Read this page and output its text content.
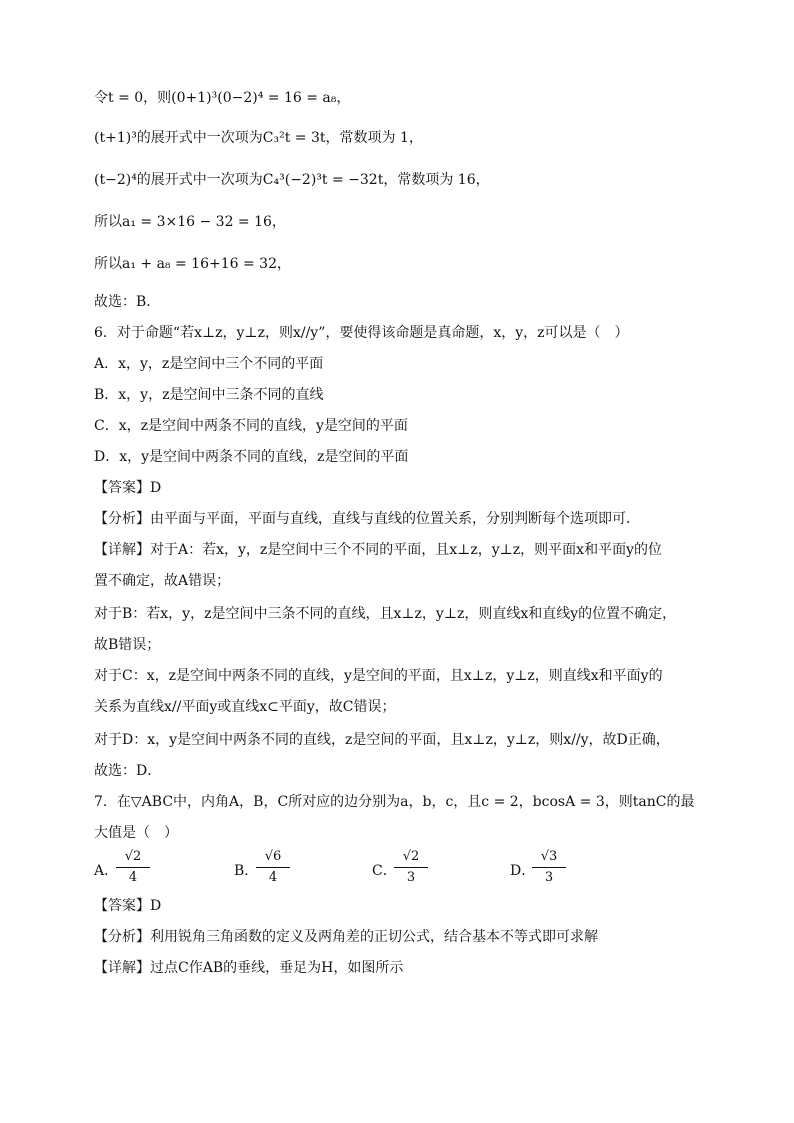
令t = 0，则(0+1)³(0−2)⁴ = 16 = a₈，
(t+1)³的展开式中一次项为C₃²t = 3t，常数项为 1，
(t−2)⁴的展开式中一次项为C₄³(−2)³t = −32t，常数项为 16，
所以a₁ = 3×16 − 32 = 16，
所以a₁ + a₈ = 16+16 = 32，
故选：B．
6．对于命题“若x⊥z，y⊥z，则x//y”，要使得该命题是真命题，x，y，z可以是（　）
A．x，y，z是空间中三个不同的平面
B．x，y，z是空间中三条不同的直线
C．x，z是空间中两条不同的直线，y是空间的平面
D．x，y是空间中两条不同的直线，z是空间的平面
【答案】D
【分析】由平面与平面，平面与直线，直线与直线的位置关系，分别判断每个选项即可．
【详解】对于A：若x，y，z是空间中三个不同的平面，且x⊥z，y⊥z，则平面x和平面y的位
置不确定，故A错误；
对于B：若x，y，z是空间中三条不同的直线，且x⊥z，y⊥z，则直线x和直线y的位置不确定，
故B错误；
对于C：x，z是空间中两条不同的直线，y是空间的平面，且x⊥z，y⊥z，则直线x和平面y的
关系为直线x//平面y或直线x⊂平面y，故C错误；
对于D：x，y是空间中两条不同的直线，z是空间的平面，且x⊥z，y⊥z，则x//y，故D正确，
故选：D．
7．在▽ABC中，内角A，B，C所对应的边分别为a，b，c，且c = 2，bcosA = 3，则tanC的最
大值是（　）
A．
$\frac{√2}{4}$	B．
$\frac{√6}{4}$	C．
$\frac{√2}{3}$	D．
$\frac{√3}{3}$
【答案】D
【分析】利用锐角三角函数的定义及两角差的正切公式，结合基本不等式即可求解
【详解】过点C作AB的垂线，垂足为H，如图所示
